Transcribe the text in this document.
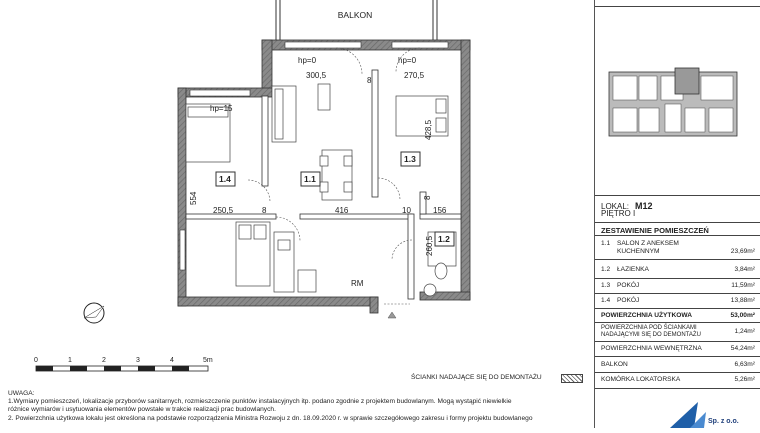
BALKON
hp=0	hp=0
hp=15
300,5	270,5
428,5
554
250,5	416	156
260,5
8
8
8
10
RM
1.1
1.2
1.3
1.4
0	1	2	3	4	5m
ŚCIANKI NADAJĄCE SIĘ DO DEMONTAŻU
UWAGA:
1.Wymiary pomieszczeń, lokalizacje przyborów sanitarnych, rozmieszczenie punktów instalacyjnych itp. podano zgodnie z projektem budowlanym. Mogą wystąpić niewielkie
różnice wymiarów i usytuowania elementów powstałe w trakcie realizacji prac budowlanych.
2. Powierzchnia użytkowa lokalu jest określona na podstawie rozporządzenia Ministra Rozwoju z dn. 18.09.2020 r. w sprawie szczegółowego zakresu i formy projektu budowlanego
LOKAL: M12
PIĘTRO I
ZESTAWIENIE POMIESZCZEŃ
1.1 SALON Z ANEKSEM KUCHENNYM	23,69m²
1.2 ŁAZIENKA	3,84m²
1.3 POKÓJ	11,59m²
1.4 POKÓJ	13,88m²
POWIERZCHNIA UŻYTKOWA	53,00m²
POWIERZCHNIA POD ŚCIANKAMI NADAJĄCYMI SIĘ DO DEMONTAŻU	1,24m²
POWIERZCHNIA WEWNĘTRZNA	54,24m²
BALKON	6,63m²
KOMÓRKA LOKATORSKA	5,26m²
Sp. z o.o.
